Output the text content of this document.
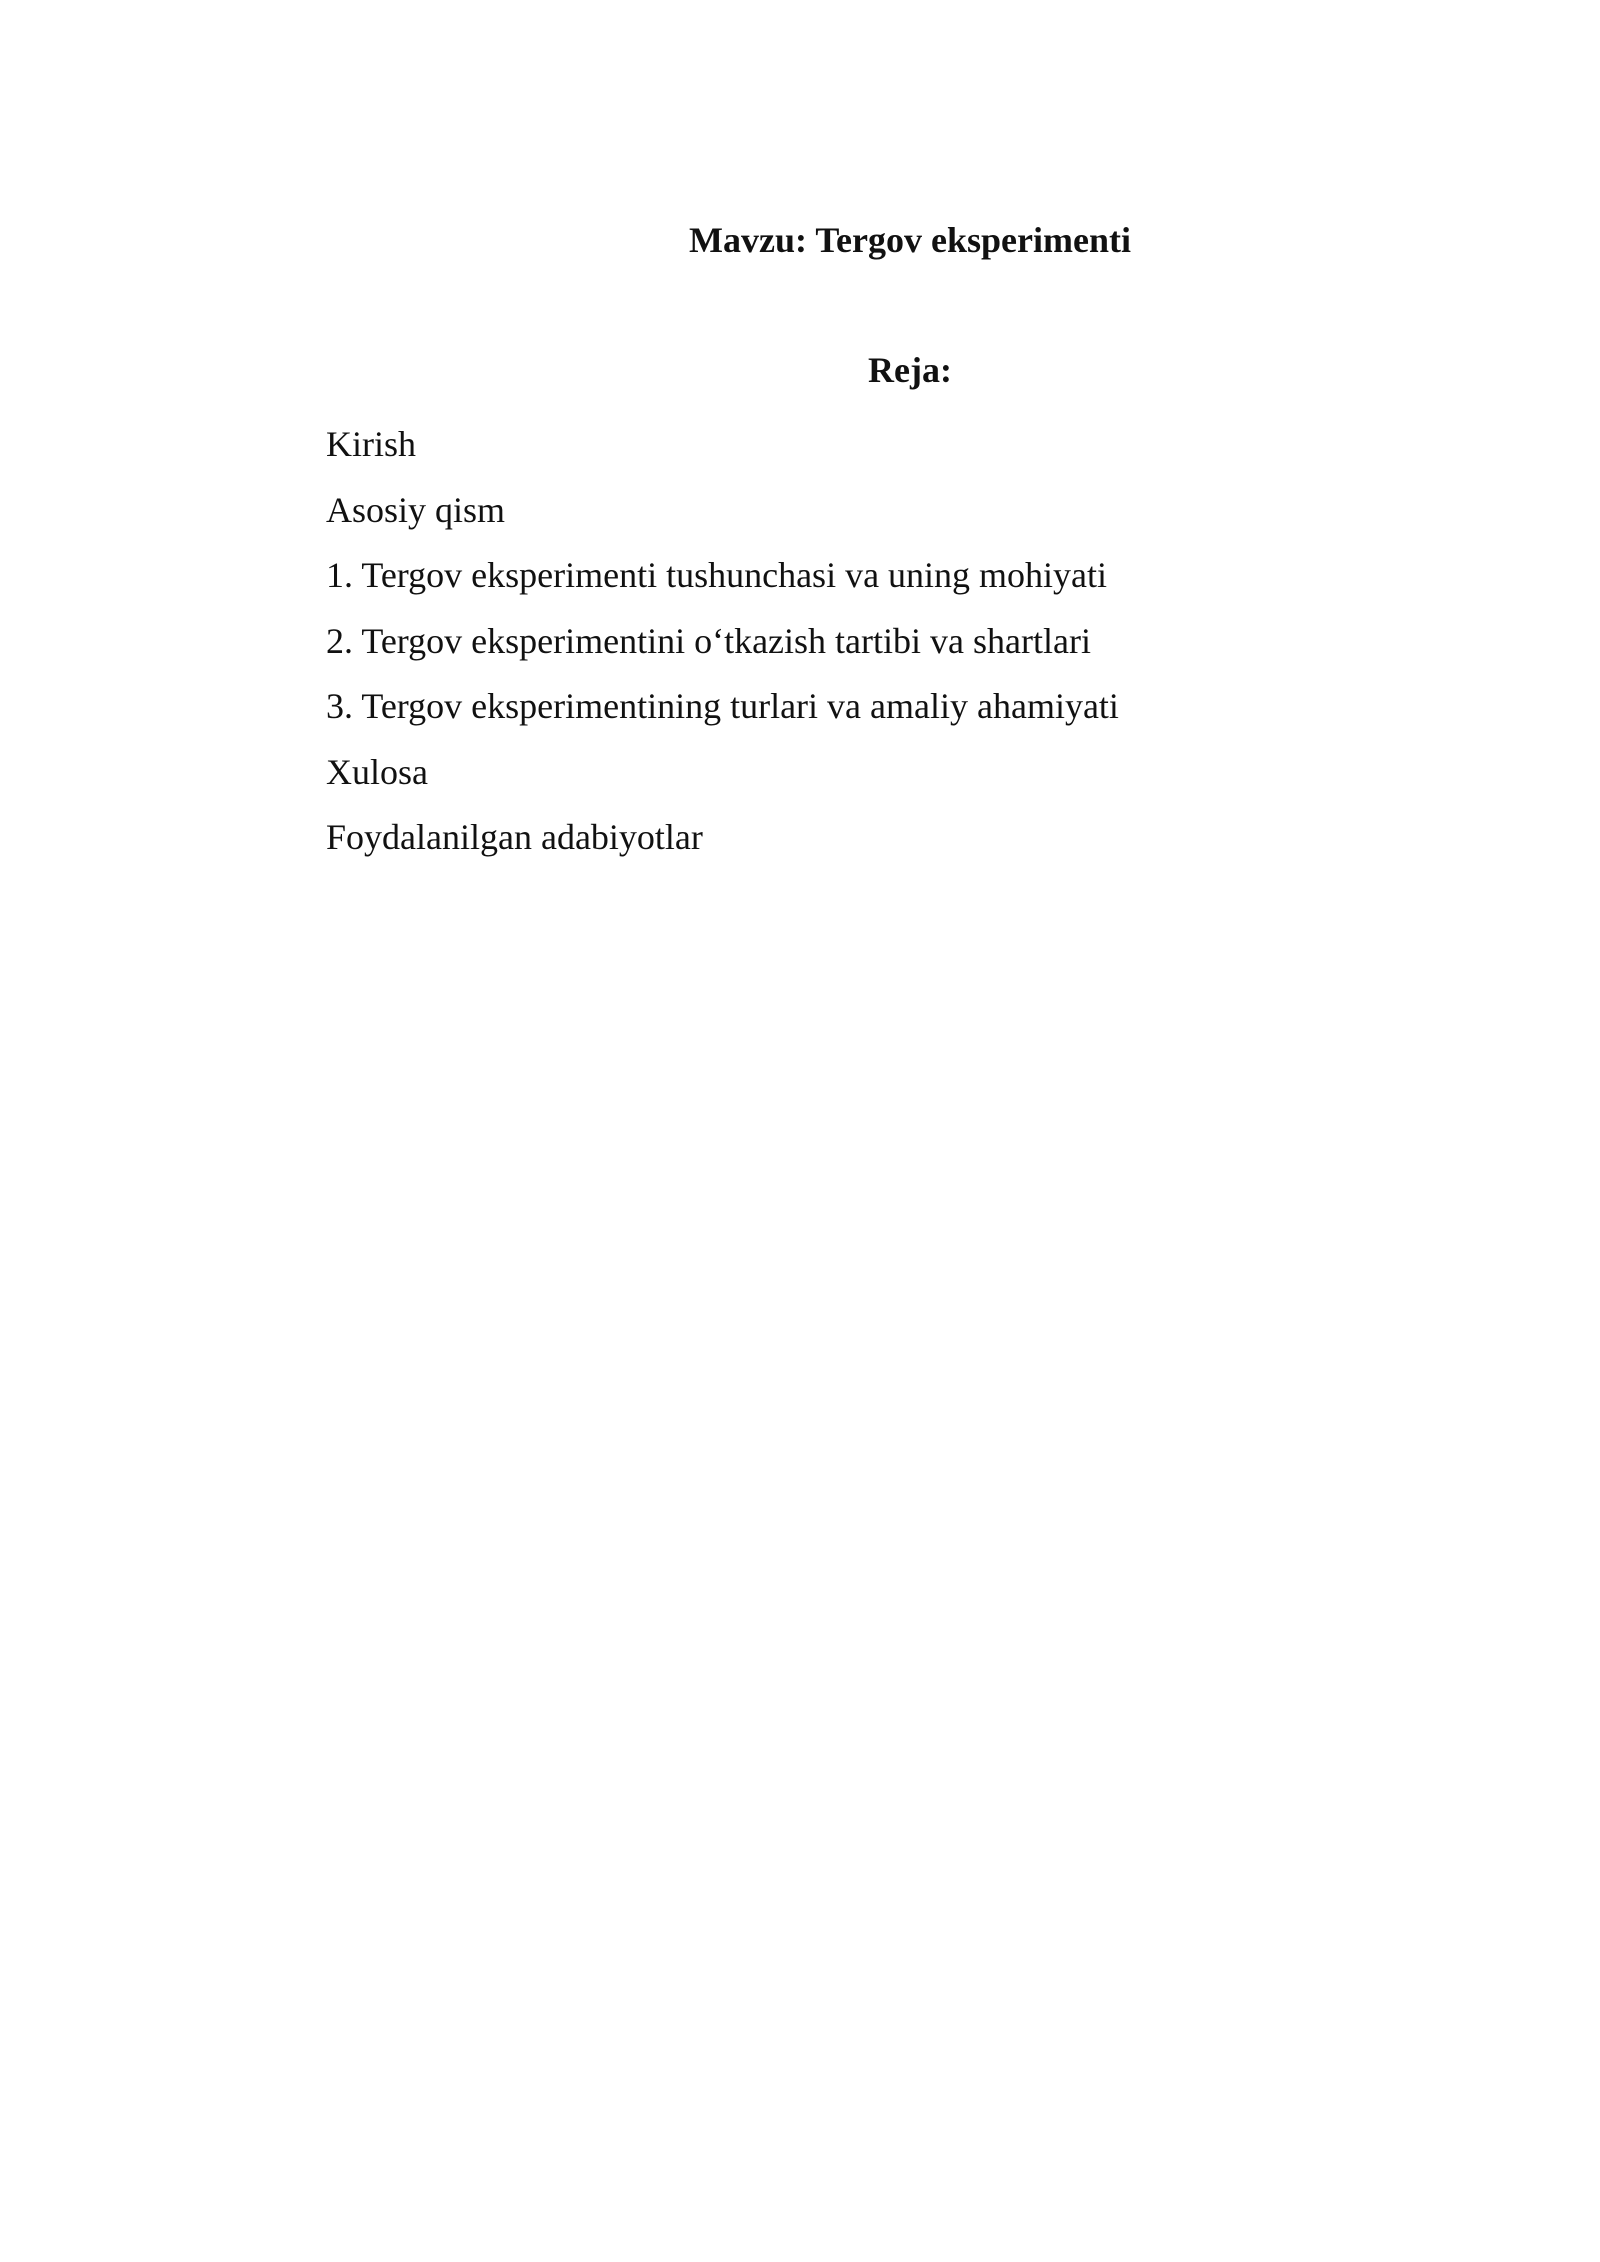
Mavzu: Tergov eksperimenti
Reja:
Kirish
Asosiy qism
1. Tergov eksperimenti tushunchasi va uning mohiyati
2. Tergov eksperimentini o‘tkazish tartibi va shartlari
3. Tergov eksperimentining turlari va amaliy ahamiyati
Xulosa
Foydalanilgan adabiyotlar
